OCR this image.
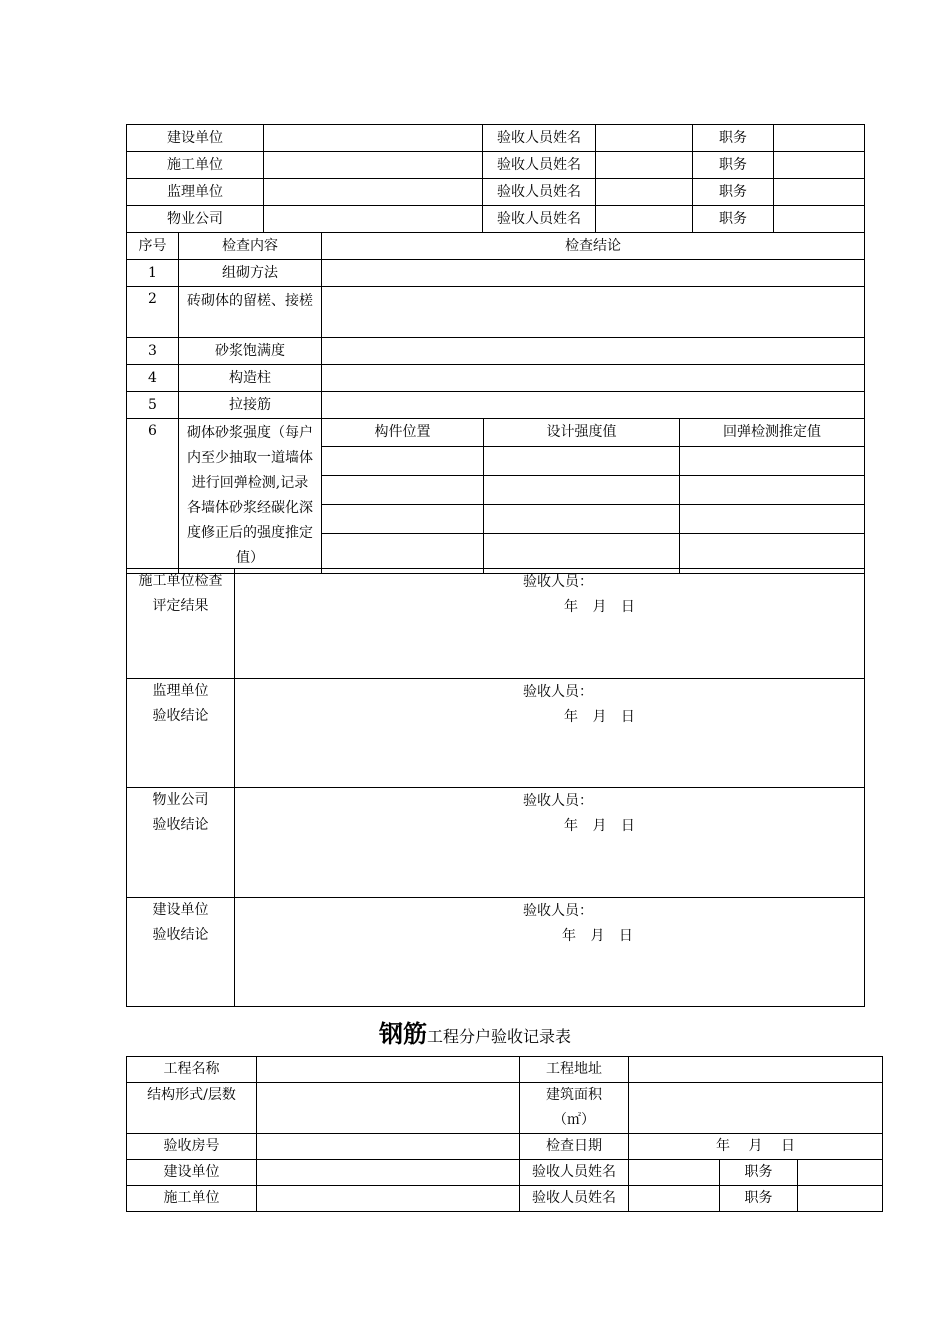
建设单位		验收人员姓名		职务	
施工单位		验收人员姓名		职务	
监理单位		验收人员姓名		职务	
物业公司		验收人员姓名		职务	
序号	检查内容	检查结论		
1	组砌方法			
2	砖砌体的留槎、接槎			

3	砂浆饱满度			
4	构造柱			
5	拉接筋			
6	砌体砂浆强度（每户内至少抽取一道墙体进行回弹检测,记录各墙体砂浆经碳化深度修正后的强度推定值）	构件位置	设计强度值	回弹检测推定值

施工单位检查评定结果	验收人员：
年 月 日

监理单位验收结论	验收人员：
年 月 日

物业公司验收结论	验收人员：
年 月 日

建设单位验收结论	验收人员：
年 月 日
钢筋工程分户验收记录表
工程名称		工程地址			
结构形式/层数		建筑面积（㎡）			

验收房号		检查日期	年 月 日		
建设单位		验收人员姓名		职务	
施工单位		验收人员姓名		职务	
